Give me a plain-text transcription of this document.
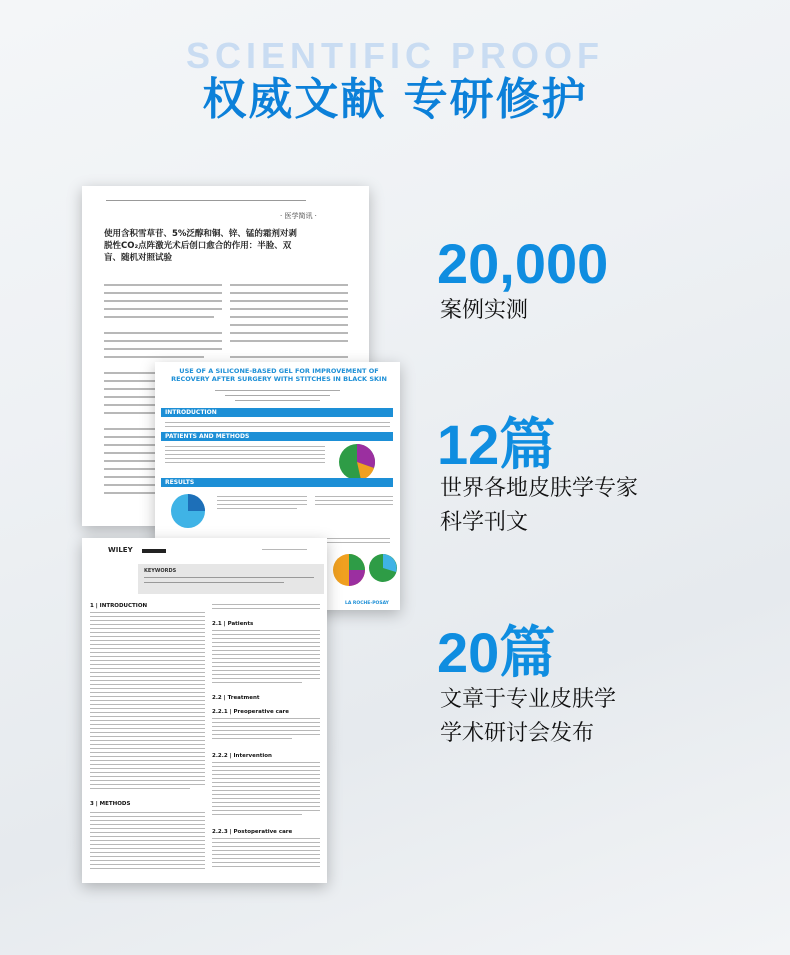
SCIENTIFIC PROOF
权威文献 专研修护
· 医学简讯 ·
使用含积雪草苷、5%泛醇和铜、锌、锰的霜剂对剥脱性CO₂点阵激光术后创口愈合的作用：半脸、双盲、随机对照试验
USE OF A SILICONE-BASED GEL FOR IMPROVEMENT OF RECOVERY AFTER SURGERY WITH STITCHES IN BLACK SKIN
INTRODUCTION
PATIENTS AND METHODS
RESULTS
LA ROCHE-POSAY
WILEY
KEYWORDS
1 | INTRODUCTION
2.1 | Patients
2.2 | Treatment
2.2.1 | Preoperative care
2.2.2 | Intervention
2.2.3 | Postoperative care
3 | METHODS
20,000
案例实测
12篇
世界各地皮肤学专家
科学刊文
20篇
文章于专业皮肤学
学术研讨会发布
